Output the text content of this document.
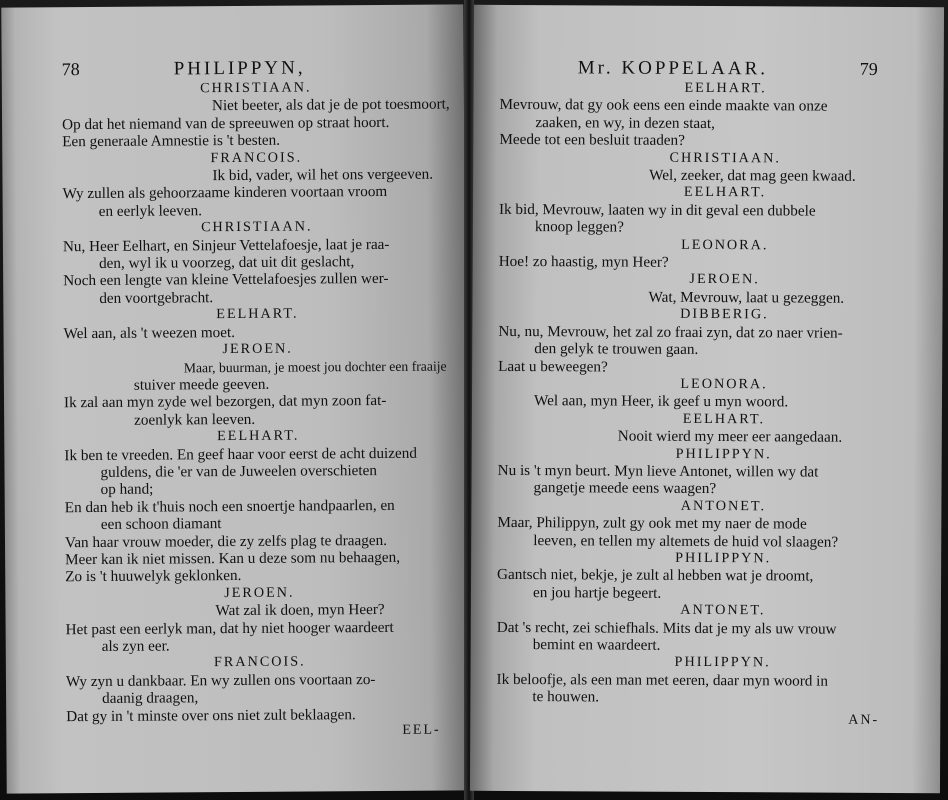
78	PHILIPPYN,
CHRISTIAAN.
Niet beeter, als dat je de pot toesmoort,
Op dat het niemand van de spreeuwen op straat hoort.
Een generaale Amnestie is 't besten.
FRANCOIS.
Ik bid, vader, wil het ons vergeeven.
Wy zullen als gehoorzaame kinderen voortaan vroom
en eerlyk leeven.
CHRISTIAAN.
Nu, Heer Eelhart, en Sinjeur Vettelafoesje, laat je raa-
den, wyl ik u voorzeg, dat uit dit geslacht,
Noch een lengte van kleine Vettelafoesjes zullen wer-
den voortgebracht.
EELHART.
Wel aan, als 't weezen moet.
JEROEN.
Maar, buurman, je moest jou dochter een fraaije
stuiver meede geeven.
Ik zal aan myn zyde wel bezorgen, dat myn zoon fat-
zoenlyk kan leeven.
EELHART.
Ik ben te vreeden. En geef haar voor eerst de acht duizend
guldens, die 'er van de Juweelen overschieten
op hand;
En dan heb ik t'huis noch een snoertje handpaarlen, en
een schoon diamant
Van haar vrouw moeder, die zy zelfs plag te draagen.
Meer kan ik niet missen. Kan u deze som nu behaagen,
Zo is 't huuwelyk geklonken.
JEROEN.
Wat zal ik doen, myn Heer?
Het past een eerlyk man, dat hy niet hooger waardeert
als zyn eer.
FRANCOIS.
Wy zyn u dankbaar. En wy zullen ons voortaan zo-
daanig draagen,
Dat gy in 't minste over ons niet zult beklaagen.
EEL-
79
Mr. KOPPELAAR.
EELHART.
Mevrouw, dat gy ook eens een einde maakte van onze
zaaken, en wy, in dezen staat,
Meede tot een besluit traaden?
CHRISTIAAN.
Wel, zeeker, dat mag geen kwaad.
EELHART.
Ik bid, Mevrouw, laaten wy in dit geval een dubbele
knoop leggen?
LEONORA.
Hoe! zo haastig, myn Heer?
JEROEN.
Wat, Mevrouw, laat u gezeggen.
DIBBERIG.
Nu, nu, Mevrouw, het zal zo fraai zyn, dat zo naer vrien-
den gelyk te trouwen gaan.
Laat u beweegen?
LEONORA.
Wel aan, myn Heer, ik geef u myn woord.
EELHART.
Nooit wierd my meer eer aangedaan.
PHILIPPYN.
Nu is 't myn beurt. Myn lieve Antonet, willen wy dat
gangetje meede eens waagen?
ANTONET.
Maar, Philippyn, zult gy ook met my naer de mode
leeven, en tellen my altemets de huid vol slaagen?
PHILIPPYN.
Gantsch niet, bekje, je zult al hebben wat je droomt,
en jou hartje begeert.
ANTONET.
Dat 's recht, zei schiefhals. Mits dat je my als uw vrouw
bemint en waardeert.
PHILIPPYN.
Ik beloofje, als een man met eeren, daar myn woord in
te houwen.
AN-
